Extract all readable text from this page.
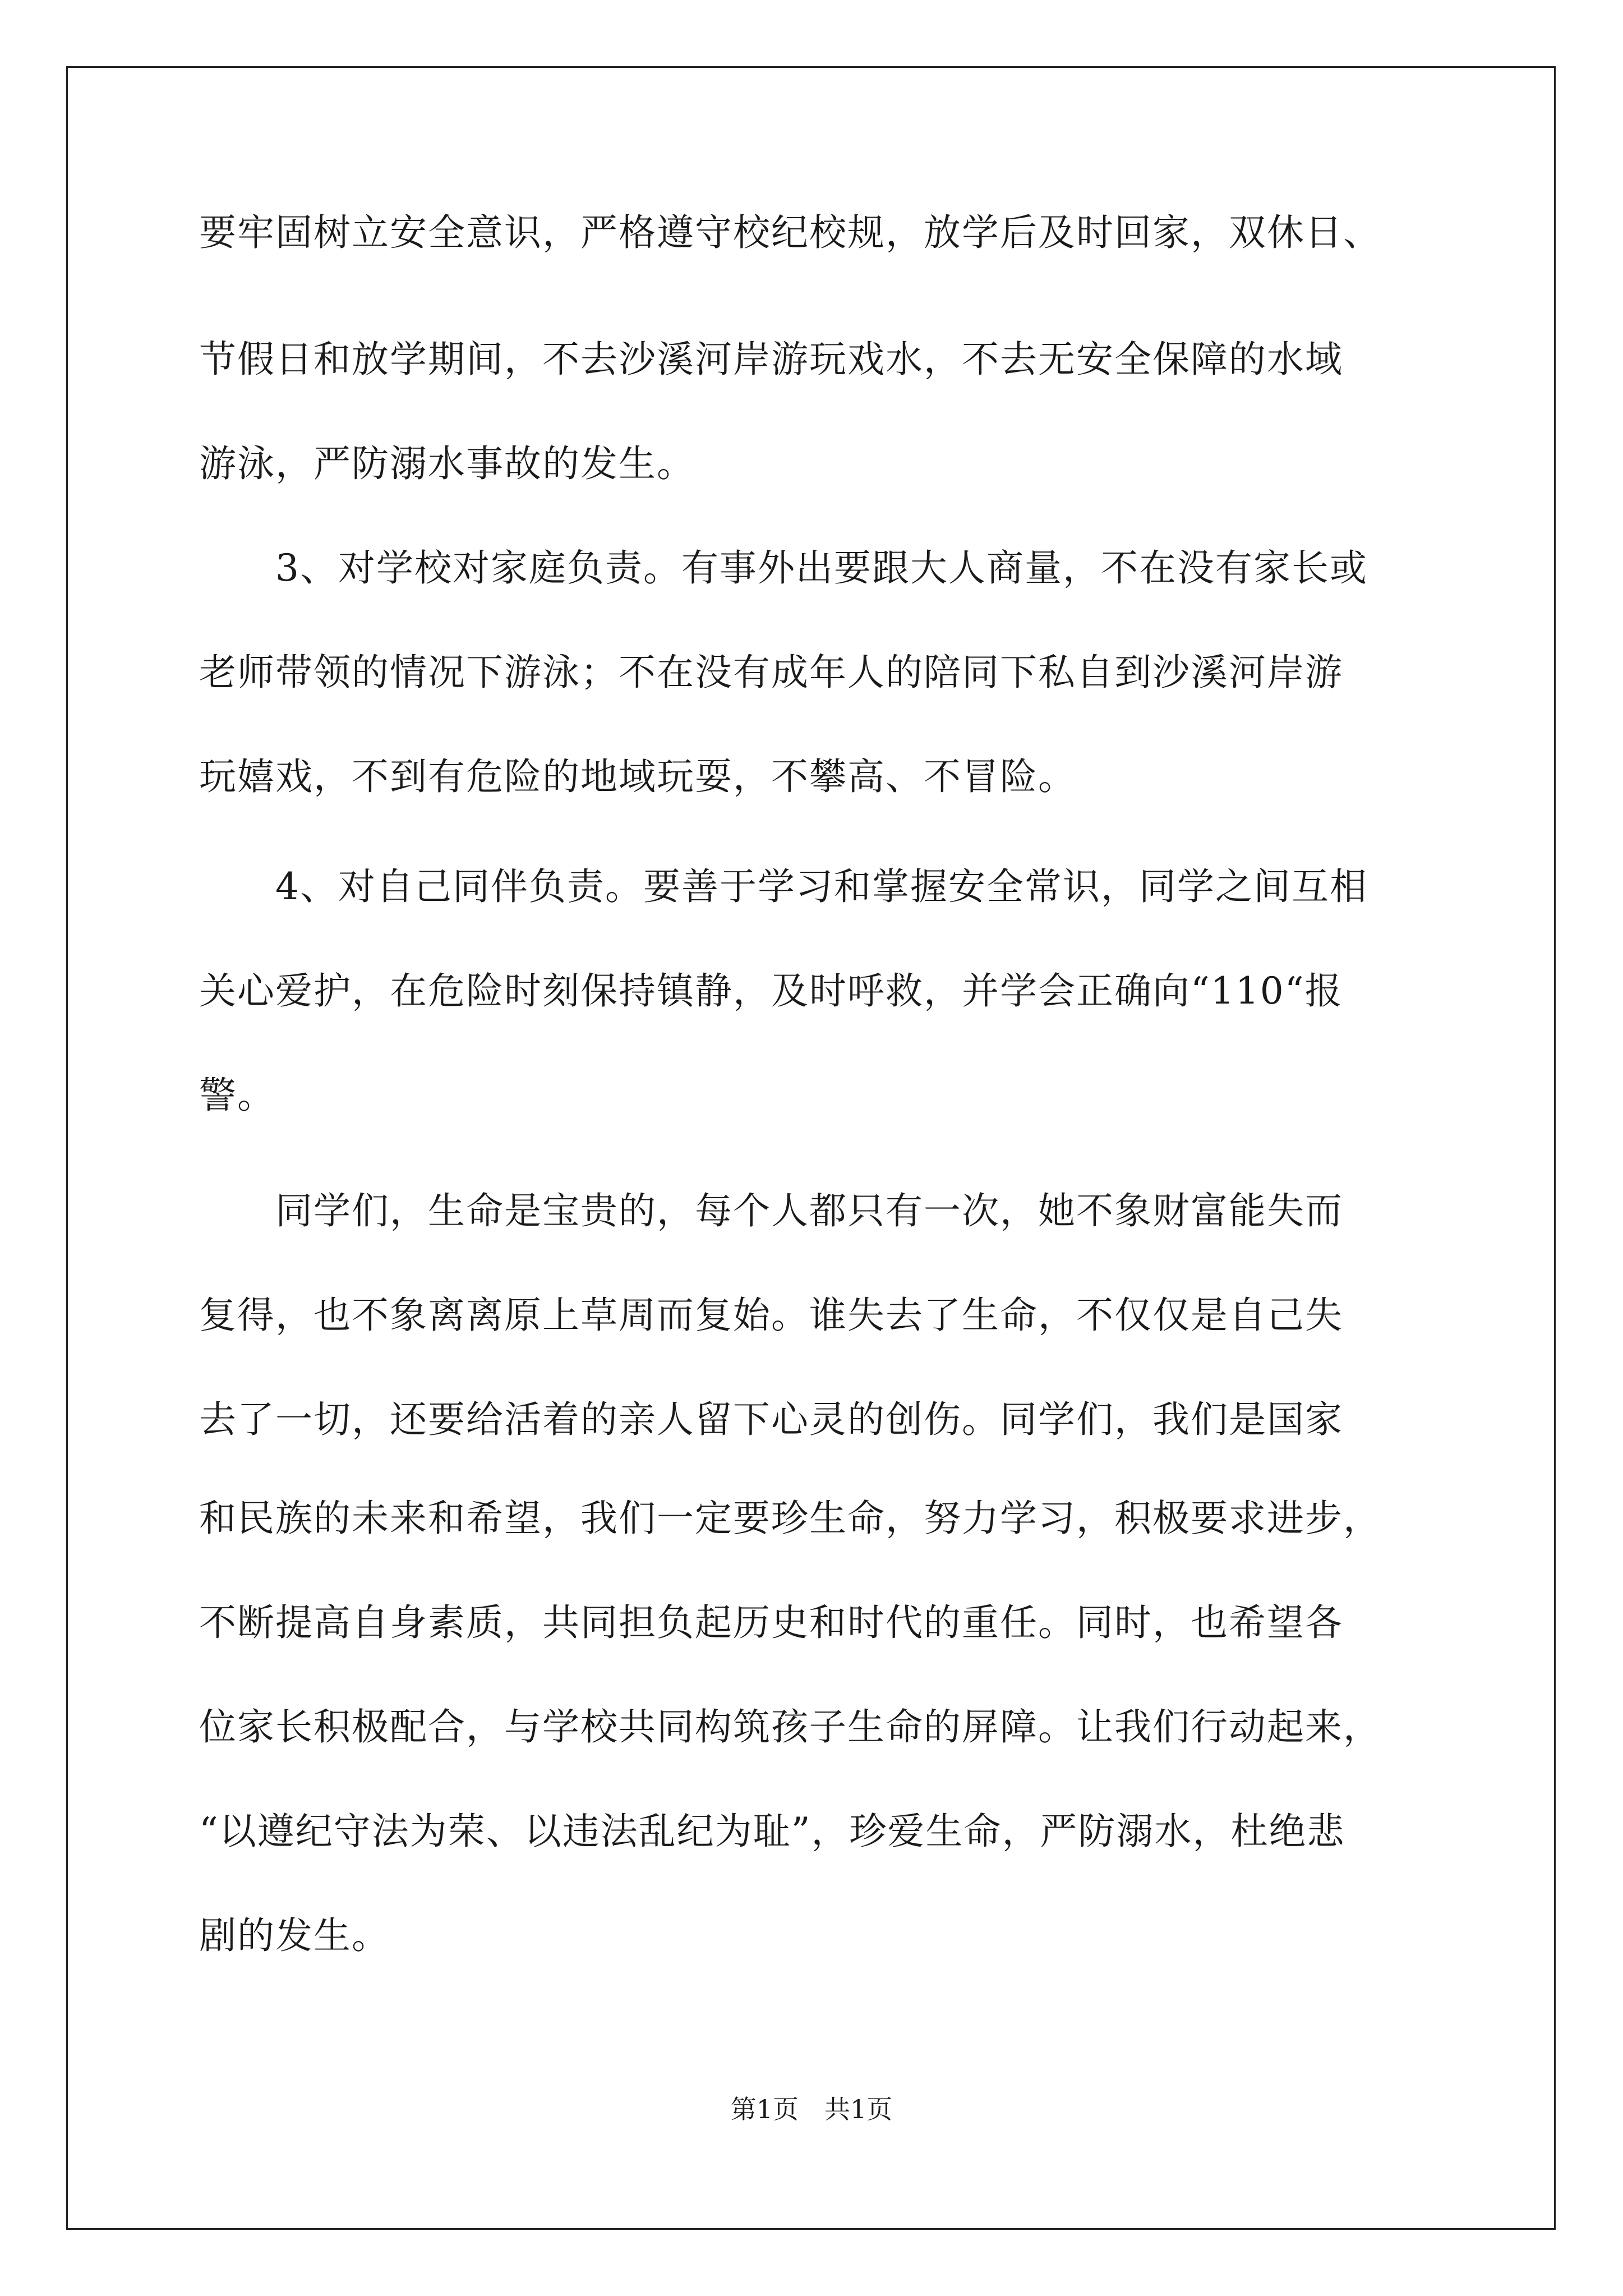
要牢固树立安全意识，严格遵守校纪校规，放学后及时回家，双休日、
节假日和放学期间，不去沙溪河岸游玩戏水，不去无安全保障的水域
游泳，严防溺水事故的发生。
　　3、对学校对家庭负责。有事外出要跟大人商量，不在没有家长或
老师带领的情况下游泳；不在没有成年人的陪同下私自到沙溪河岸游
玩嬉戏，不到有危险的地域玩耍，不攀高、不冒险。
　　4、对自己同伴负责。要善于学习和掌握安全常识，同学之间互相
关心爱护，在危险时刻保持镇静，及时呼救，并学会正确向“110“报
警。
　　同学们，生命是宝贵的，每个人都只有一次，她不象财富能失而
复得，也不象离离原上草周而复始。谁失去了生命，不仅仅是自己失
去了一切，还要给活着的亲人留下心灵的创伤。同学们，我们是国家
和民族的未来和希望，我们一定要珍生命，努力学习，积极要求进步，
不断提高自身素质，共同担负起历史和时代的重任。同时，也希望各
位家长积极配合，与学校共同构筑孩子生命的屏障。让我们行动起来，
“以遵纪守法为荣、以违法乱纪为耻”，珍爱生命，严防溺水，杜绝悲
剧的发生。
第1页　共1页
